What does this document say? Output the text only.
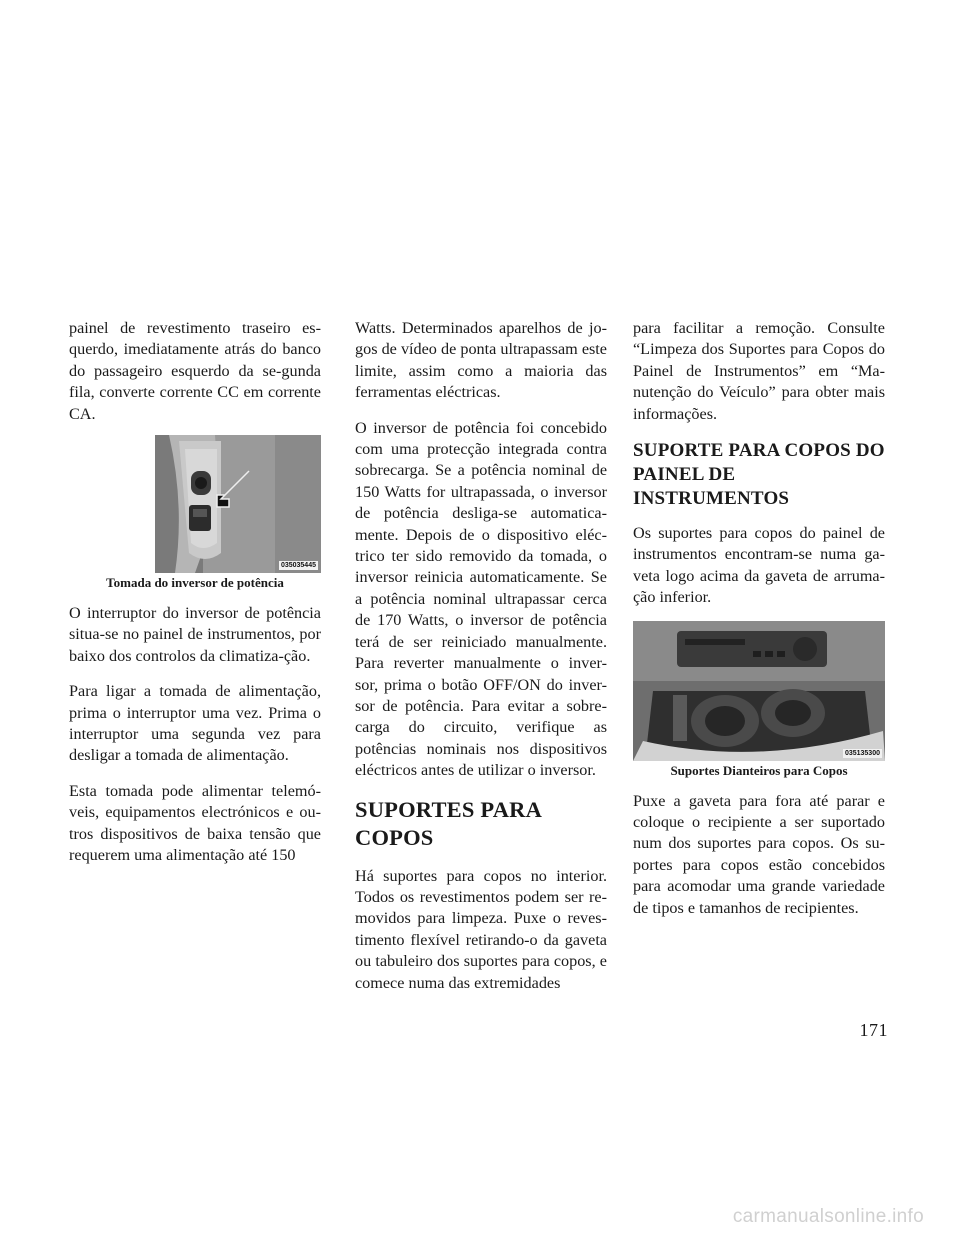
painel de revestimento traseiro es-querdo, imediatamente atrás do banco do passageiro esquerdo da se-gunda fila, converte corrente CC em corrente CA.

035035445
Tomada do inversor de potência

O interruptor do inversor de potência situa-se no painel de instrumentos, por baixo dos controlos da climatiza-ção.

Para ligar a tomada de alimentação, prima o interruptor uma vez. Prima o interruptor uma segunda vez para desligar a tomada de alimentação.

Esta tomada pode alimentar telemó-veis, equipamentos electrónicos e ou-tros dispositivos de baixa tensão que requerem uma alimentação até 150

Watts. Determinados aparelhos de jo-gos de vídeo de ponta ultrapassam este limite, assim como a maioria das ferramentas eléctricas.

O inversor de potência foi concebido com uma protecção integrada contra sobrecarga. Se a potência nominal de 150 Watts for ultrapassada, o inversor de potência desliga-se automatica-mente. Depois de o dispositivo eléc-trico ter sido removido da tomada, o inversor reinicia automaticamente. Se a potência nominal ultrapassar cerca de 170 Watts, o inversor de potência terá de ser reiniciado manualmente. Para reverter manualmente o inver-sor, prima o botão OFF/ON do inver-sor de potência. Para evitar a sobre-carga do circuito, verifique as potências nominais nos dispositivos eléctricos antes de utilizar o inversor.

SUPORTES PARA COPOS

Há suportes para copos no interior. Todos os revestimentos podem ser re-movidos para limpeza. Puxe o reves-timento flexível retirando-o da gaveta ou tabuleiro dos suportes para copos, e comece numa das extremidades

para facilitar a remoção. Consulte “Limpeza dos Suportes para Copos do Painel de Instrumentos” em “Ma-nutenção do Veículo” para obter mais informações.

SUPORTE PARA COPOS DO PAINEL DE INSTRUMENTOS

Os suportes para copos do painel de instrumentos encontram-se numa ga-veta logo acima da gaveta de arruma-ção inferior.

035135300
Suportes Dianteiros para Copos

Puxe a gaveta para fora até parar e coloque o recipiente a ser suportado num dos suportes para copos. Os su-portes para copos estão concebidos para acomodar uma grande variedade de tipos e tamanhos de recipientes.

171
carmanualsonline.info
